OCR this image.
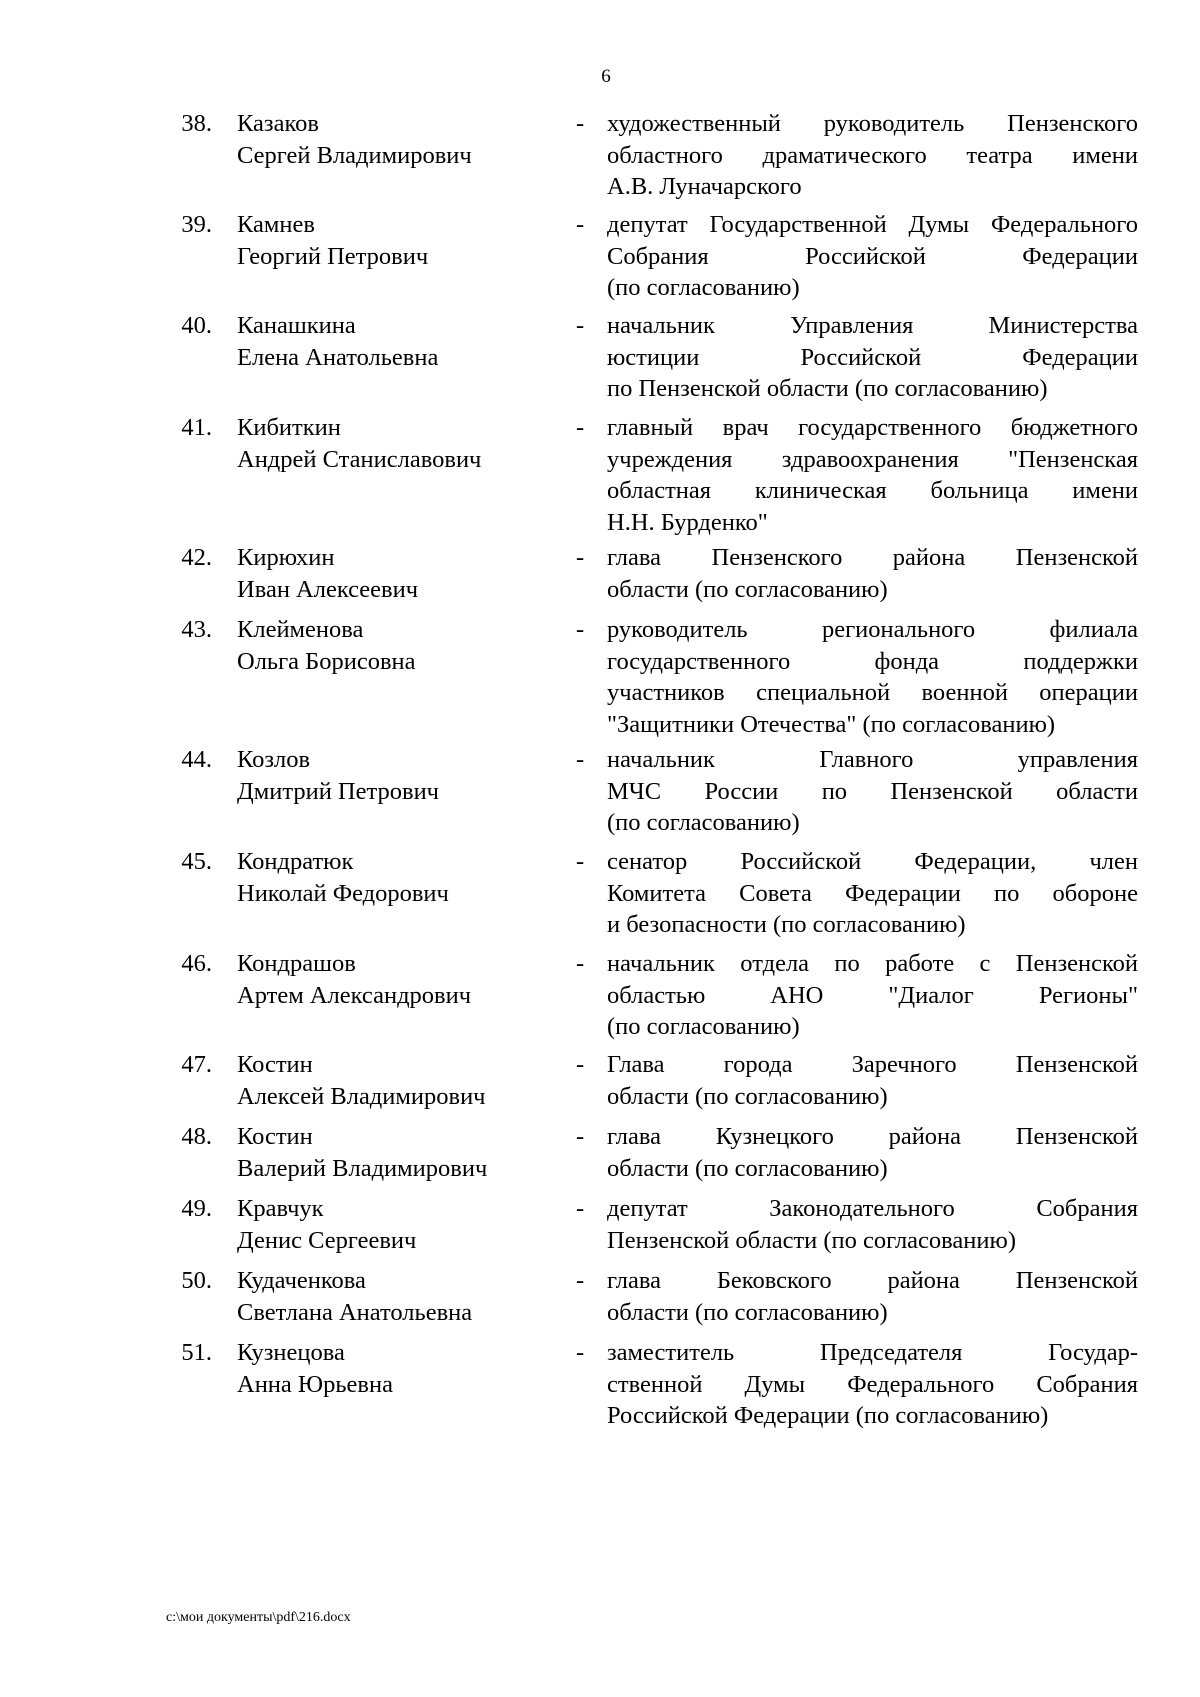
6
38. Казаков
Сергей Владимирович
- художественный руководитель Пензенского
областного драматического театра имени
А.В. Луначарского
39. Камнев
Георгий Петрович
- депутат Государственной Думы Федерального
Собрания Российской Федерации
(по согласованию)
40. Канашкина
Елена Анатольевна
- начальник Управления Министерства
юстиции Российской Федерации
по Пензенской области (по согласованию)
41. Кибиткин
Андрей Станиславович
- главный врач государственного бюджетного
учреждения здравоохранения "Пензенская
областная клиническая больница имени
Н.Н. Бурденко"
42. Кирюхин
Иван Алексеевич
- глава Пензенского района Пензенской
области (по согласованию)
43. Клейменова
Ольга Борисовна
- руководитель регионального филиала
государственного фонда поддержки
участников специальной военной операции
"Защитники Отечества" (по согласованию)
44. Козлов
Дмитрий Петрович
- начальник Главного управления
МЧС России по Пензенской области
(по согласованию)
45. Кондратюк
Николай Федорович
- сенатор Российской Федерации, член
Комитета Совета Федерации по обороне
и безопасности (по согласованию)
46. Кондрашов
Артем Александрович
- начальник отдела по работе с Пензенской
областью АНО "Диалог Регионы"
(по согласованию)
47. Костин
Алексей Владимирович
- Глава города Заречного Пензенской
области (по согласованию)
48. Костин
Валерий Владимирович
- глава Кузнецкого района Пензенской
области (по согласованию)
49. Кравчук
Денис Сергеевич
- депутат Законодательного Собрания
Пензенской области (по согласованию)
50. Кудаченкова
Светлана Анатольевна
- глава Бековского района Пензенской
области (по согласованию)
51. Кузнецова
Анна Юрьевна
- заместитель Председателя Государ-
ственной Думы Федерального Собрания
Российской Федерации (по согласованию)
c:\мои документы\pdf\216.docx
